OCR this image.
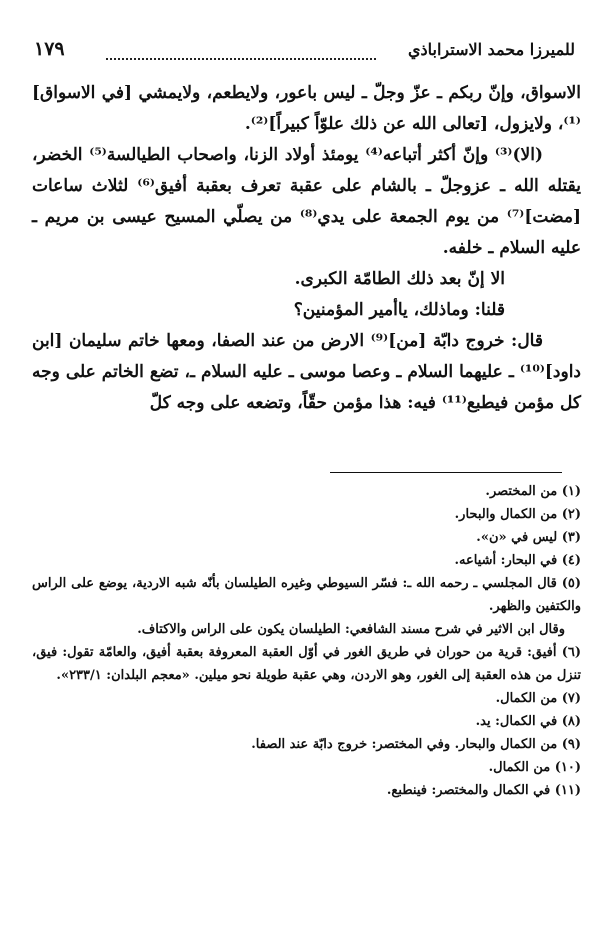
للميرزا محمد الاستراباذي
١٧٩

الاسواق، وإنّ ربكم ـ عزّ وجلّ ـ ليس باعور، ولايطعم، ولايمشي [في الاسواق]⁽¹⁾، ولايزول، [تعالى الله عن ذلك علوّاً كبيراً]⁽²⁾.

(الا)⁽³⁾ وإنّ أكثر أتباعه⁽⁴⁾ يومئذ أولاد الزنا، واصحاب الطيالسة⁽⁵⁾ الخضر، يقتله الله ـ عزوجلّ ـ بالشام على عقبة تعرف بعقبة أفيق⁽⁶⁾ لثلاث ساعات [مضت]⁽⁷⁾ من يوم الجمعة على يدي⁽⁸⁾ من يصلّي المسيح عيسى بن مريم ـ عليه السلام ـ خلفه.

الا إنّ بعد ذلك الطامّة الكبرى.

قلنا: وماذلك، ياأمير المؤمنين؟

قال: خروج دابّة [من]⁽⁹⁾ الارض من عند الصفا، ومعها خاتم سليمان [ابن داود]⁽¹⁰⁾ ـ عليهما السلام ـ وعصا موسى ـ عليه السلام ـ، تضع الخاتم على وجه كل مؤمن فيطبع⁽¹¹⁾ فيه: هذا مؤمن حقّاً، وتضعه على وجه كلّ

(١) من المختصر.

(٢) من الكمال والبحار.

(٣) ليس في «ن».

(٤) في البحار: أشياعه.

(٥) قال المجلسي ـ رحمه الله ـ: فسّر السيوطي وغيره الطيلسان بأنّه شبه الاردية، يوضع على الراس والكتفين والظهر.

وقال ابن الاثير في شرح مسند الشافعي: الطيلسان يكون على الراس والاكتاف.

(٦) أفيق: قرية من حوران في طريق الغور في أوّل العقبة المعروفة بعقبة أفيق، والعامّة تقول: فيق، تنزل من هذه العقبة إلى الغور، وهو الاردن، وهي عقبة طويلة نحو ميلين. «معجم البلدان: ٢٣٣/١».

(٧) من الكمال.

(٨) في الكمال: يد.

(٩) من الكمال والبحار. وفي المختصر: خروج دابّة عند الصفا.

(١٠) من الكمال.

(١١) في الكمال والمختصر: فينطبع.
